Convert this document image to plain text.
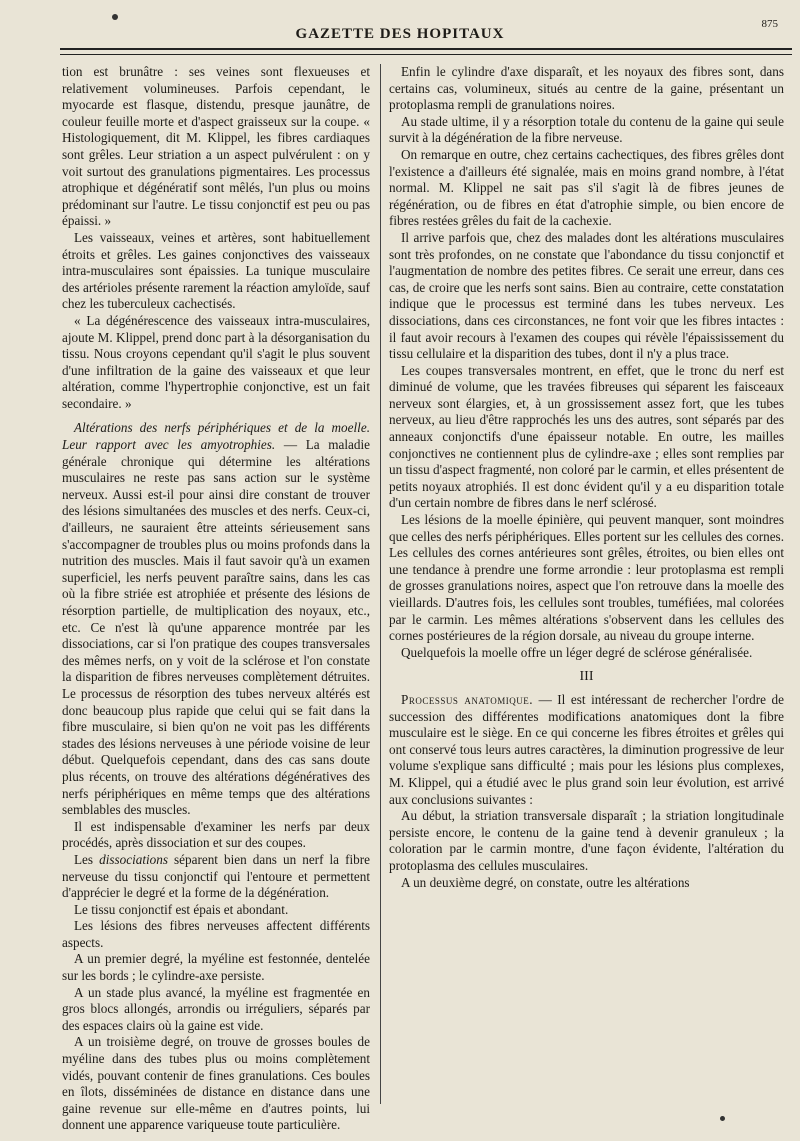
GAZETTE DES HOPITAUX
875

tion est brunâtre : ses veines sont flexueuses et relativement volumineuses. Parfois cependant, le myocarde est flasque, distendu, presque jaunâtre, de couleur feuille morte et d'aspect graisseux sur la coupe. « Histologiquement, dit M. Klippel, les fibres cardiaques sont grêles. Leur striation a un aspect pulvérulent : on y voit surtout des granulations pigmentaires. Les processus atrophique et dégénératif sont mêlés, l'un plus ou moins prédominant sur l'autre. Le tissu conjonctif est peu ou pas épaissi. »

Les vaisseaux, veines et artères, sont habituellement étroits et grêles. Les gaines conjonctives des vaisseaux intra-musculaires sont épaissies. La tunique musculaire des artérioles présente rarement la réaction amyloïde, sauf chez les tuberculeux cachectisés.

« La dégénérescence des vaisseaux intra-musculaires, ajoute M. Klippel, prend donc part à la désorganisation du tissu. Nous croyons cependant qu'il s'agit le plus souvent d'une infiltration de la gaine des vaisseaux et que leur altération, comme l'hypertrophie conjonctive, est un fait secondaire. »

Altérations des nerfs périphériques et de la moelle. Leur rapport avec les amyotrophies. — La maladie générale chronique qui détermine les altérations musculaires ne reste pas sans action sur le système nerveux. Aussi est-il pour ainsi dire constant de trouver des lésions simultanées des muscles et des nerfs. Ceux-ci, d'ailleurs, ne sauraient être atteints sérieusement sans s'accompagner de troubles plus ou moins profonds dans la nutrition des muscles. Mais il faut savoir qu'à un examen superficiel, les nerfs peuvent paraître sains, dans les cas où la fibre striée est atrophiée et présente des lésions de résorption partielle, de multiplication des noyaux, etc., etc. Ce n'est là qu'une apparence montrée par les dissociations, car si l'on pratique des coupes transversales des mêmes nerfs, on y voit de la sclérose et l'on constate la disparition de fibres nerveuses complètement détruites. Le processus de résorption des tubes nerveux altérés est donc beaucoup plus rapide que celui qui se fait dans la fibre musculaire, si bien qu'on ne voit pas les différents stades des lésions nerveuses à une période voisine de leur début. Quelquefois cependant, dans des cas sans doute plus récents, on trouve des altérations dégénératives des nerfs périphériques en même temps que des altérations semblables des muscles.

Il est indispensable d'examiner les nerfs par deux procédés, après dissociation et sur des coupes.

Les dissociations séparent bien dans un nerf la fibre nerveuse du tissu conjonctif qui l'entoure et permettent d'apprécier le degré et la forme de la dégénération.

Le tissu conjonctif est épais et abondant.

Les lésions des fibres nerveuses affectent différents aspects.

A un premier degré, la myéline est festonnée, dentelée sur les bords ; le cylindre-axe persiste.

A un stade plus avancé, la myéline est fragmentée en gros blocs allongés, arrondis ou irréguliers, séparés par des espaces clairs où la gaine est vide.

A un troisième degré, on trouve de grosses boules de myéline dans des tubes plus ou moins complètement vidés, pouvant contenir de fines granulations. Ces boules en îlots, disséminées de distance en distance dans une gaine revenue sur elle-même en d'autres points, lui donnent une apparence variqueuse toute particulière.

Enfin le cylindre d'axe disparaît, et les noyaux des fibres sont, dans certains cas, volumineux, situés au centre de la gaine, présentant un protoplasma rempli de granulations noires.

Au stade ultime, il y a résorption totale du contenu de la gaine qui seule survit à la dégénération de la fibre nerveuse.

On remarque en outre, chez certains cachectiques, des fibres grêles dont l'existence a d'ailleurs été signalée, mais en moins grand nombre, à l'état normal. M. Klippel ne sait pas s'il s'agit là de fibres jeunes de régénération, ou de fibres en état d'atrophie simple, ou bien encore de fibres restées grêles du fait de la cachexie.

Il arrive parfois que, chez des malades dont les altérations musculaires sont très profondes, on ne constate que l'abondance du tissu conjonctif et l'augmentation de nombre des petites fibres. Ce serait une erreur, dans ces cas, de croire que les nerfs sont sains. Bien au contraire, cette constatation indique que le processus est terminé dans les tubes nerveux. Les dissociations, dans ces circonstances, ne font voir que les fibres intactes : il faut avoir recours à l'examen des coupes qui révèle l'épaississement du tissu cellulaire et la disparition des tubes, dont il n'y a plus trace.

Les coupes transversales montrent, en effet, que le tronc du nerf est diminué de volume, que les travées fibreuses qui séparent les faisceaux nerveux sont élargies, et, à un grossissement assez fort, que les tubes nerveux, au lieu d'être rapprochés les uns des autres, sont séparés par des anneaux conjonctifs d'une épaisseur notable. En outre, les mailles conjonctives ne contiennent plus de cylindre-axe ; elles sont remplies par un tissu d'aspect fragmenté, non coloré par le carmin, et elles présentent de petits noyaux atrophiés. Il est donc évident qu'il y a eu disparition totale d'un certain nombre de fibres dans le nerf sclérosé.

Les lésions de la moelle épinière, qui peuvent manquer, sont moindres que celles des nerfs périphériques. Elles portent sur les cellules des cornes. Les cellules des cornes antérieures sont grêles, étroites, ou bien elles ont une tendance à prendre une forme arrondie : leur protoplasma est rempli de grosses granulations noires, aspect que l'on retrouve dans la moelle des vieillards. D'autres fois, les cellules sont troubles, tuméfiées, mal colorées par le carmin. Les mêmes altérations s'observent dans les cellules des cornes postérieures de la région dorsale, au niveau du groupe interne.

Quelquefois la moelle offre un léger degré de sclérose généralisée.

III

Processus anatomique. — Il est intéressant de rechercher l'ordre de succession des différentes modifications anatomiques dont la fibre musculaire est le siège. En ce qui concerne les fibres étroites et grêles qui ont conservé tous leurs autres caractères, la diminution progressive de leur volume s'explique sans difficulté ; mais pour les lésions plus complexes, M. Klippel, qui a étudié avec le plus grand soin leur évolution, est arrivé aux conclusions suivantes :

Au début, la striation transversale disparaît ; la striation longitudinale persiste encore, le contenu de la gaine tend à devenir granuleux ; la coloration par le carmin montre, d'une façon évidente, l'altération du protoplasma des cellules musculaires.

A un deuxième degré, on constate, outre les altérations
